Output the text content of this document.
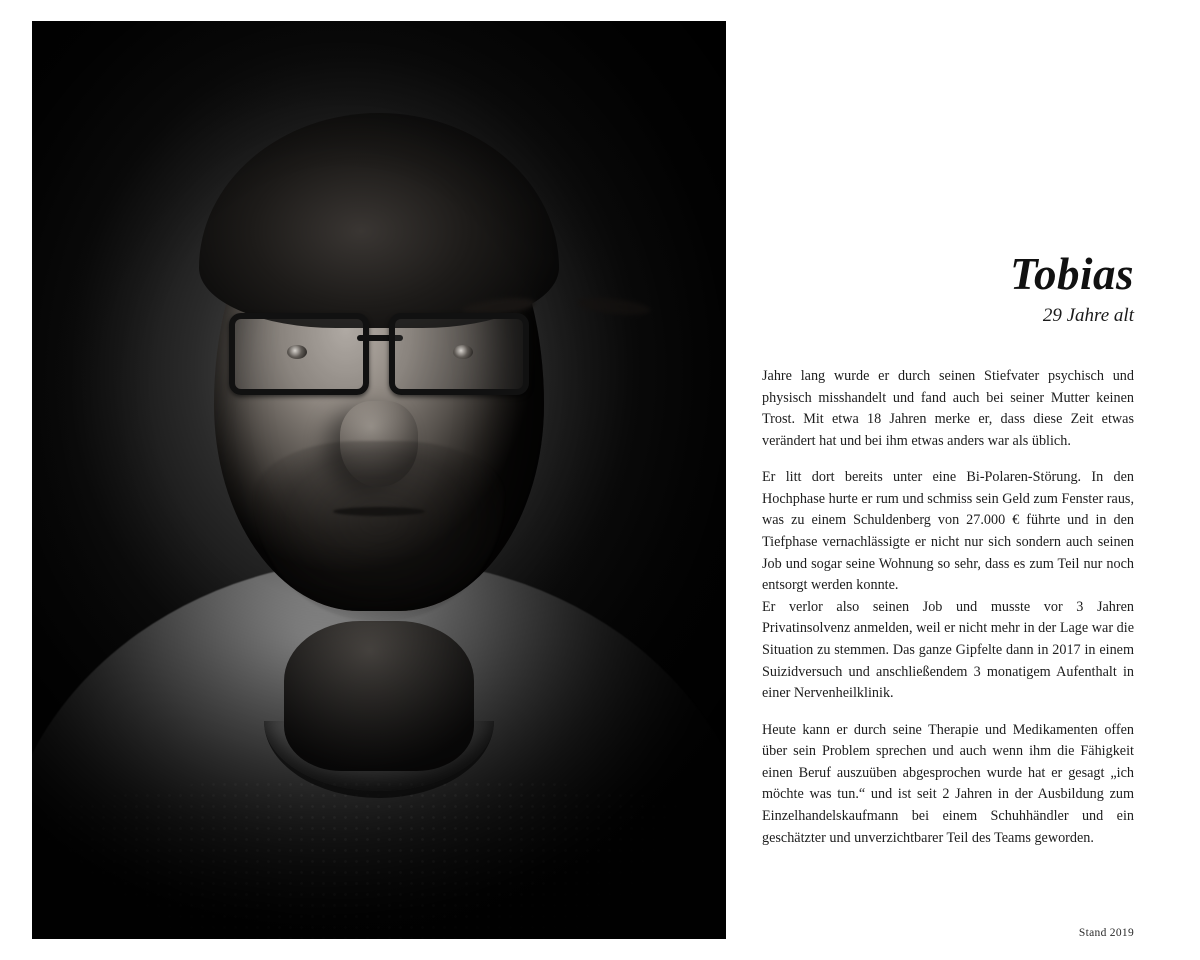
Tobias
29 Jahre alt

Jahre lang wurde er durch seinen Stiefvater psychisch und physisch misshandelt und fand auch bei seiner Mutter keinen Trost. Mit etwa 18 Jahren merke er, dass diese Zeit etwas verändert hat und bei ihm etwas anders war als üblich.

Er litt dort bereits unter eine Bi-Polaren-Störung. In den Hochphase hurte er rum und schmiss sein Geld zum Fenster raus, was zu einem Schuldenberg von 27.000 € führte und in den Tiefphase vernachlässigte er nicht nur sich sondern auch seinen Job und sogar seine Wohnung so sehr, dass es zum Teil nur noch entsorgt werden konnte.

Er verlor also seinen Job und musste vor 3 Jahren Privatinsolvenz anmelden, weil er nicht mehr in der Lage war die Situation zu stemmen. Das ganze Gipfelte dann in 2017 in einem Suizidversuch und anschließendem 3 monatigem Aufenthalt in einer Nervenheilklinik.

Heute kann er durch seine Therapie und Medikamenten offen über sein Problem sprechen und auch wenn ihm die Fähigkeit einen Beruf auszuüben abgesprochen wurde hat er gesagt „ich möchte was tun.“ und ist seit 2 Jahren in der Ausbildung zum Einzelhandelskaufmann bei einem Schuhhändler und ein geschätzter und unverzichtbarer Teil des Teams geworden.

Stand 2019
